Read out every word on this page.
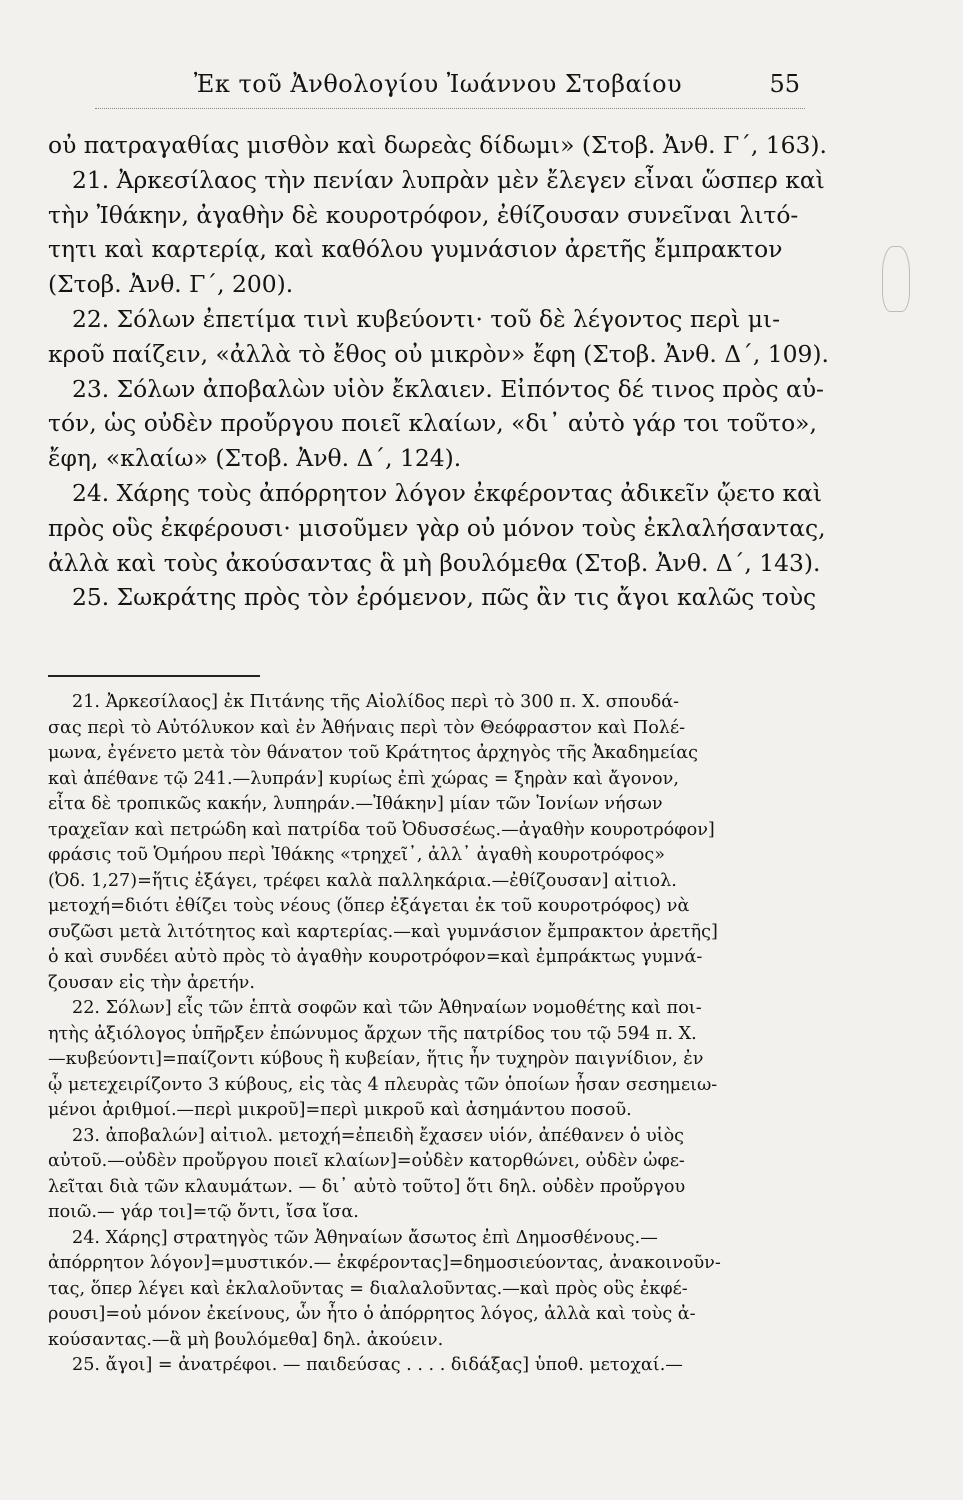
Ἐκ τοῦ Ἀνθολογίου Ἰωάννου Στοβαίου	55

οὐ πατραγαθίας μισθὸν καὶ δωρεὰς δίδωμι» (Στοβ. Ἀνθ. Γ΄, 163).

21. Ἀρκεσίλαος τὴν πενίαν λυπρὰν μὲν ἔλεγεν εἶναι ὥσπερ καὶ

τὴν Ἰθάκην, ἀγαθὴν δὲ κουροτρόφον, ἐθίζουσαν συνεῖναι λιτό-

τητι καὶ καρτερίᾳ, καὶ καθόλου γυμνάσιον ἀρετῆς ἔμπρακτον

(Στοβ. Ἀνθ. Γ΄, 200).

22. Σόλων ἐπετίμα τινὶ κυβεύοντι· τοῦ δὲ λέγοντος περὶ μι-

κροῦ παίζειν, «ἀλλὰ τὸ ἔθος οὐ μικρὸν» ἔφη (Στοβ. Ἀνθ. Δ΄, 109).

23. Σόλων ἀποβαλὼν υἱὸν ἔκλαιεν. Εἰπόντος δέ τινος πρὸς αὐ-

τόν, ὡς οὐδὲν προὔργου ποιεῖ κλαίων, «δι᾽ αὐτὸ γάρ τοι τοῦτο»,

ἔφη, «κλαίω» (Στοβ. Ἀνθ. Δ΄, 124).

24. Χάρης τοὺς ἀπόρρητον λόγον ἐκφέροντας ἀδικεῖν ᾤετο καὶ

πρὸς οὓς ἐκφέρουσι· μισοῦμεν γὰρ οὐ μόνον τοὺς ἐκλαλήσαντας,

ἀλλὰ καὶ τοὺς ἀκούσαντας ἃ μὴ βουλόμεθα (Στοβ. Ἀνθ. Δ΄, 143).

25. Σωκράτης πρὸς τὸν ἐρόμενον, πῶς ἂν τις ἄγοι καλῶς τοὺς

21. Ἀρκεσίλαος] ἐκ Πιτάνης τῆς Αἰολίδος περὶ τὸ 300 π. Χ. σπουδά-

σας περὶ τὸ Αὐτόλυκον καὶ ἐν Ἀθήναις περὶ τὸν Θεόφραστον καὶ Πολέ-

μωνα, ἐγένετο μετὰ τὸν θάνατον τοῦ Κράτητος ἀρχηγὸς τῆς Ἀκαδημείας

καὶ ἀπέθανε τῷ 241.—λυπράν] κυρίως ἐπὶ χώρας = ξηρὰν καὶ ἄγονον,

εἶτα δὲ τροπικῶς κακήν, λυπηράν.—Ἰθάκην] μίαν τῶν Ἰονίων νήσων

τραχεῖαν καὶ πετρώδη καὶ πατρίδα τοῦ Ὀδυσσέως.—ἀγαθὴν κουροτρόφον]

φράσις τοῦ Ὁμήρου περὶ Ἰθάκης «τρηχεῖ᾽, ἀλλ᾽ ἀγαθὴ κουροτρόφος»

(Ὀδ. 1,27)=ἥτις ἐξάγει, τρέφει καλὰ παλληκάρια.—ἐθίζουσαν] αἰτιολ.

μετοχή=διότι ἐθίζει τοὺς νέους (ὅπερ ἐξάγεται ἐκ τοῦ κουροτρόφος) νὰ

συζῶσι μετὰ λιτότητος καὶ καρτερίας.—καὶ γυμνάσιον ἔμπρακτον ἀρετῆς]

ὁ καὶ συνδέει αὐτὸ πρὸς τὸ ἀγαθὴν κουροτρόφον=καὶ ἐμπράκτως γυμνά-

ζουσαν εἰς τὴν ἀρετήν.

22. Σόλων] εἷς τῶν ἑπτὰ σοφῶν καὶ τῶν Ἀθηναίων νομοθέτης καὶ ποι-

ητὴς ἀξιόλογος ὑπῆρξεν ἐπώνυμος ἄρχων τῆς πατρίδος του τῷ 594 π. Χ.

—κυβεύοντι]=παίζοντι κύβους ἢ κυβείαν, ἥτις ἦν τυχηρὸν παιγνίδιον, ἐν

ᾧ μετεχειρίζοντο 3 κύβους, εἰς τὰς 4 πλευρὰς τῶν ὁποίων ἦσαν σεσημειω-

μένοι ἀριθμοί.—περὶ μικροῦ]=περὶ μικροῦ καὶ ἀσημάντου ποσοῦ.

23. ἀποβαλών] αἰτιολ. μετοχή=ἐπειδὴ ἔχασεν υἱόν, ἀπέθανεν ὁ υἱὸς

αὐτοῦ.—οὐδὲν προὔργου ποιεῖ κλαίων]=οὐδὲν κατορθώνει, οὐδὲν ὠφε-

λεῖται διὰ τῶν κλαυμάτων. — δι᾽ αὐτὸ τοῦτο] ὅτι δηλ. οὐδὲν προὔργου

ποιῶ.— γάρ τοι]=τῷ ὄντι, ἴσα ἴσα.

24. Χάρης] στρατηγὸς τῶν Ἀθηναίων ἄσωτος ἐπὶ Δημοσθένους.—

ἀπόρρητον λόγον]=μυστικόν.— ἐκφέροντας]=δημοσιεύοντας, ἀνακοινοῦν-

τας, ὅπερ λέγει καὶ ἐκλαλοῦντας = διαλαλοῦντας.—καὶ πρὸς οὓς ἐκφέ-

ρουσι]=οὐ μόνον ἐκείνους, ὧν ἦτο ὁ ἀπόρρητος λόγος, ἀλλὰ καὶ τοὺς ἀ-

κούσαντας.—ἃ μὴ βουλόμεθα] δηλ. ἀκούειν.

25. ἄγοι] = ἀνατρέφοι. — παιδεύσας . . . . διδάξας] ὑποθ. μετοχαί.—
